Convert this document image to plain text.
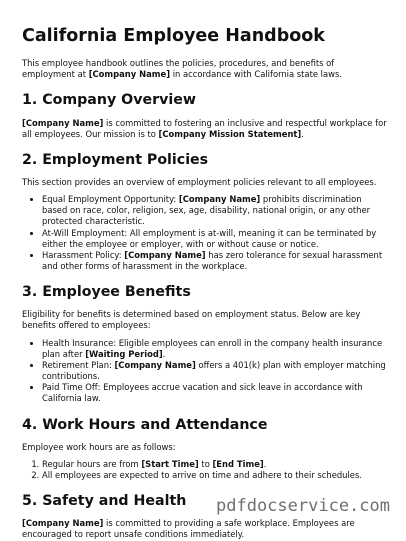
California Employee Handbook

This employee handbook outlines the policies, procedures, and benefits of employment at [Company Name] in accordance with California state laws.

1. Company Overview

[Company Name] is committed to fostering an inclusive and respectful workplace for all employees. Our mission is to [Company Mission Statement].

2. Employment Policies

This section provides an overview of employment policies relevant to all employees.

• Equal Employment Opportunity: [Company Name] prohibits discrimination based on race, color, religion, sex, age, disability, national origin, or any other protected characteristic.
• At-Will Employment: All employment is at-will, meaning it can be terminated by either the employee or employer, with or without cause or notice.
• Harassment Policy: [Company Name] has zero tolerance for sexual harassment and other forms of harassment in the workplace.
3. Employee Benefits

Eligibility for benefits is determined based on employment status. Below are key benefits offered to employees:

• Health Insurance: Eligible employees can enroll in the company health insurance plan after [Waiting Period].
• Retirement Plan: [Company Name] offers a 401(k) plan with employer matching contributions.
• Paid Time Off: Employees accrue vacation and sick leave in accordance with California law.
4. Work Hours and Attendance

Employee work hours are as follows:

1. Regular hours are from [Start Time] to [End Time].
2. All employees are expected to arrive on time and adhere to their schedules.
5. Safety and Health

[Company Name] is committed to providing a safe workplace. Employees are encouraged to report unsafe conditions immediately.

pdfdocservice.com
